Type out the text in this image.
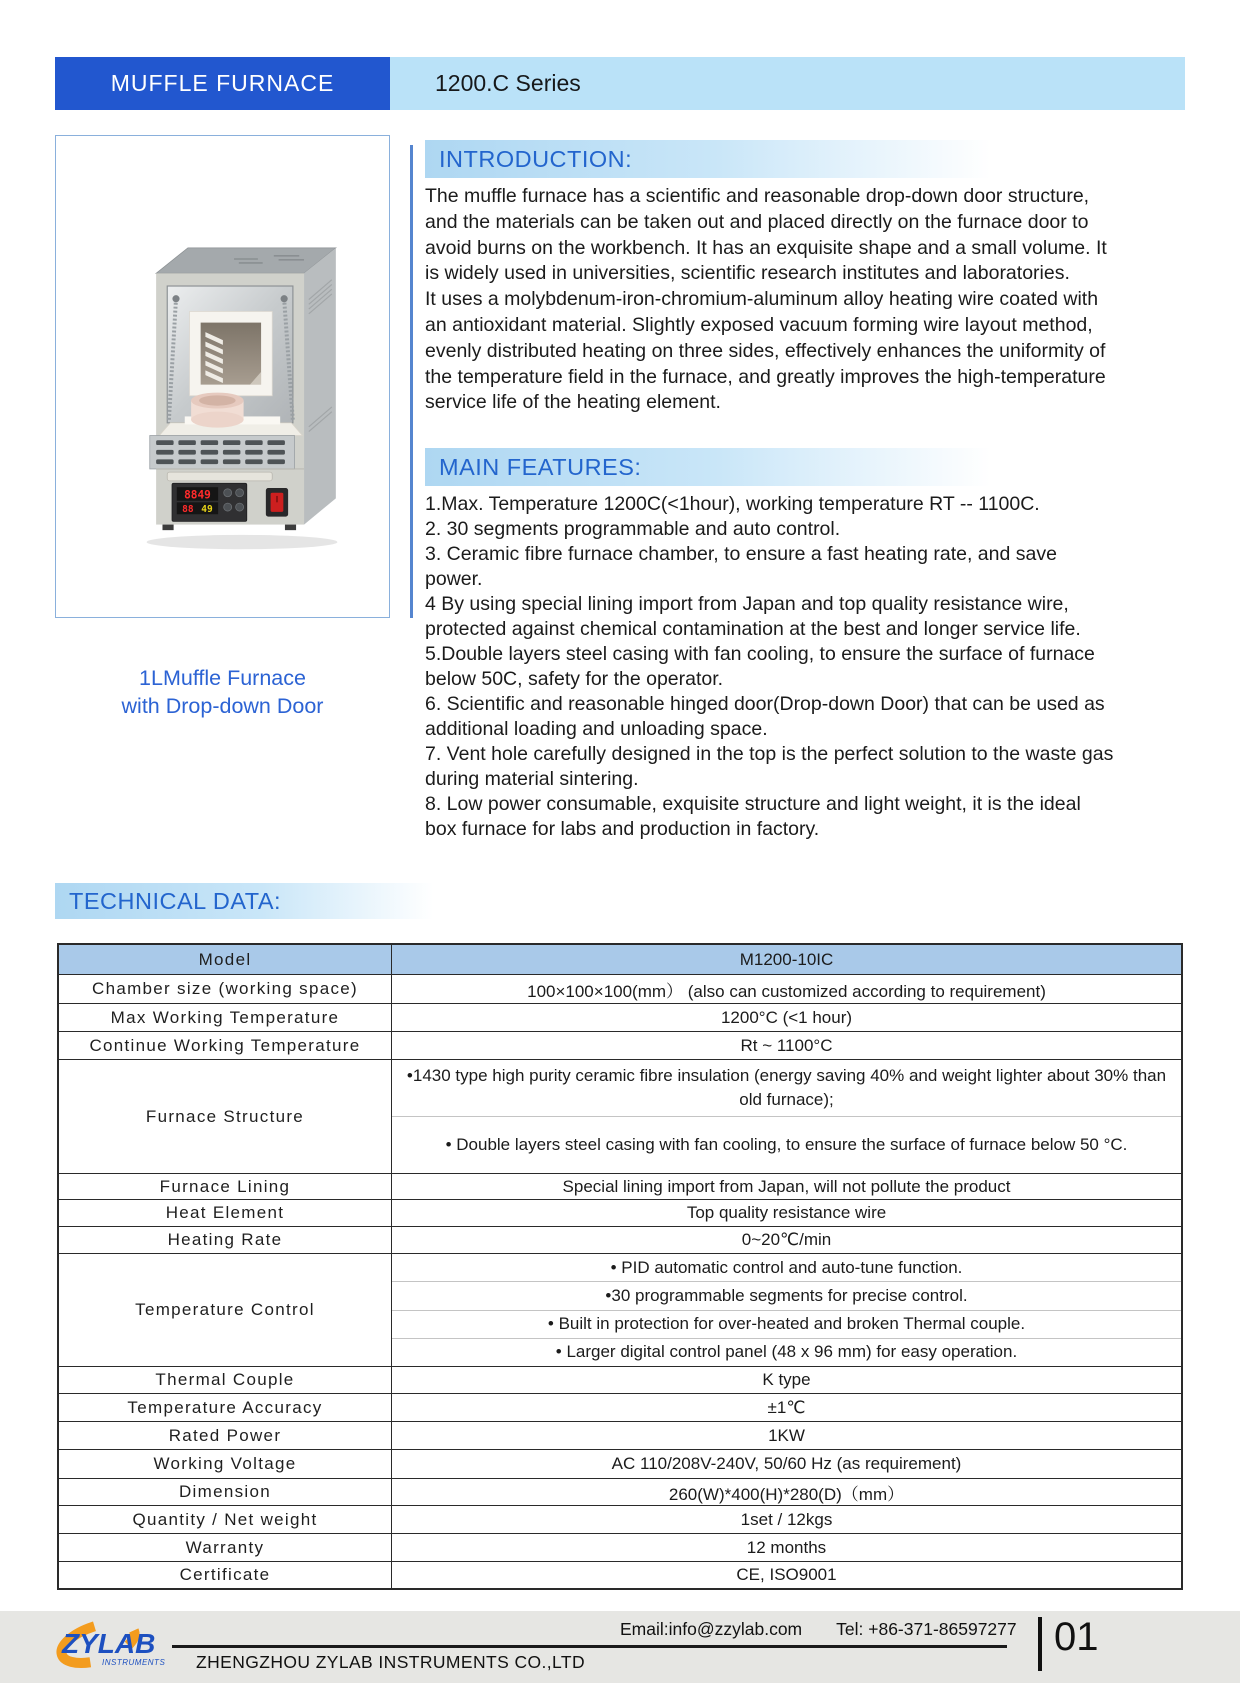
MUFFLE FURNACE	1200.C Series
8849
88 49
1LMuffle Furnace
with Drop-down Door
INTRODUCTION:
The muffle furnace has a scientific and reasonable drop-down door structure, and the materials can be taken out and placed directly on the furnace door to avoid burns on the workbench. It has an exquisite shape and a small volume. It is widely used in universities, scientific research institutes and laboratories.
It uses a molybdenum-iron-chromium-aluminum alloy heating wire coated with an antioxidant material. Slightly exposed vacuum forming wire layout method, evenly distributed heating on three sides, effectively enhances the uniformity of the temperature field in the furnace, and greatly improves the high-temperature service life of the heating element.
MAIN FEATURES:
1.Max. Temperature 1200C(<1hour), working temperature RT -- 1100C.
2. 30 segments programmable and auto control.
3. Ceramic fibre furnace chamber, to ensure a fast heating rate, and save power.
4 By using special lining import from Japan and top quality resistance wire, protected against chemical contamination at the best and longer service life.
5.Double layers steel casing with fan cooling, to ensure the surface of furnace below 50C, safety for the operator.
6. Scientific and reasonable hinged door(Drop-down Door) that can be used as additional loading and unloading space.
7. Vent hole carefully designed in the top is the perfect solution to the waste gas during material sintering.
8. Low power consumable, exquisite structure and light weight, it is the ideal box furnace for labs and production in factory.
TECHNICAL DATA:
Model	M1200-10IC
Chamber size (working space)	100×100×100(mm） (also can customized according to requirement)
Max Working Temperature	1200°C (<1 hour)
Continue Working Temperature	Rt ~ 1100°C
Furnace Structure
•1430 type high purity ceramic fibre insulation (energy saving 40% and weight lighter about 30% than old furnace);
• Double layers steel casing with fan cooling, to ensure the surface of furnace below 50 °C.
Furnace Lining	Special lining import from Japan, will not pollute the product
Heat Element	Top quality resistance wire
Heating Rate	0~20℃/min
Temperature Control
• PID automatic control and auto-tune function.
•30 programmable segments for precise control.
• Built in protection for over-heated and broken Thermal couple.
• Larger digital control panel (48 x 96 mm) for easy operation.
Thermal Couple	K type
Temperature Accuracy	±1℃
Rated Power	1KW
Working Voltage	AC 110/208V-240V, 50/60 Hz (as requirement)
Dimension	260(W)*400(H)*280(D)（mm）
Quantity / Net weight	1set / 12kgs
Warranty	12 months
Certificate	CE, ISO9001
ZYLAB
INSTRUMENTS
Email:info@zzylab.com Tel: +86-371-86597277
ZHENGZHOU ZYLAB INSTRUMENTS CO.,LTD
01
